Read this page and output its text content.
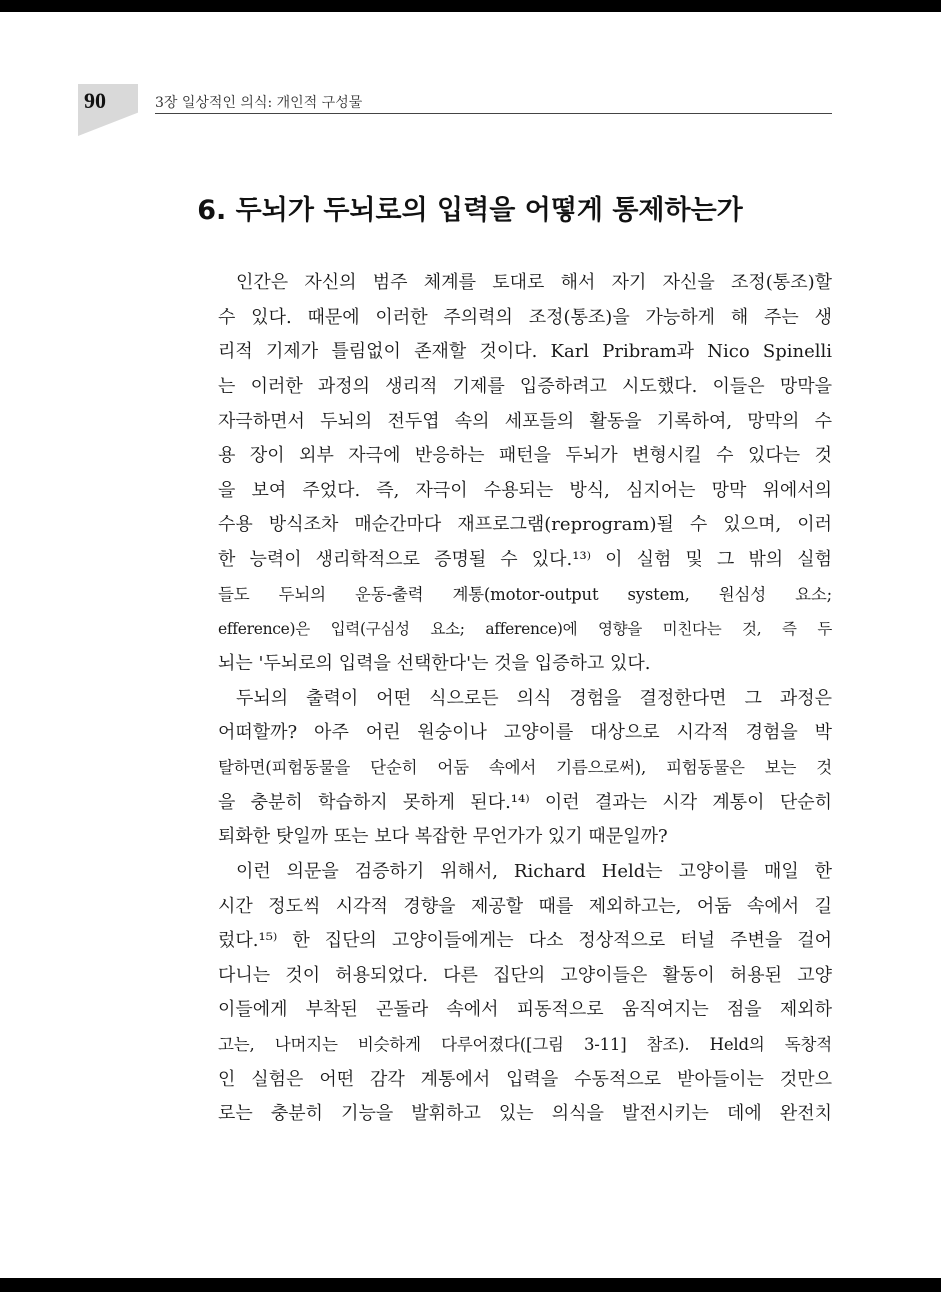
90	3장 일상적인 의식: 개인적 구성물
6. 두뇌가 두뇌로의 입력을 어떻게 통제하는가
인간은 자신의 범주 체계를 토대로 해서 자기 자신을 조정(통조)할
수 있다. 때문에 이러한 주의력의 조정(통조)을 가능하게 해 주는 생
리적 기제가 틀림없이 존재할 것이다. Karl Pribram과 Nico Spinelli
는 이러한 과정의 생리적 기제를 입증하려고 시도했다. 이들은 망막을
자극하면서 두뇌의 전두엽 속의 세포들의 활동을 기록하여, 망막의 수
용 장이 외부 자극에 반응하는 패턴을 두뇌가 변형시킬 수 있다는 것
을 보여 주었다. 즉, 자극이 수용되는 방식, 심지어는 망막 위에서의
수용 방식조차 매순간마다 재프로그램(reprogram)될 수 있으며, 이러
한 능력이 생리학적으로 증명될 수 있다.¹³⁾ 이 실험 및 그 밖의 실험
들도 두뇌의 운동-출력 계통(motor-output system, 원심성 요소;
efference)은 입력(구심성 요소; afference)에 영향을 미친다는 것, 즉 두
뇌는 '두뇌로의 입력을 선택한다'는 것을 입증하고 있다.
두뇌의 출력이 어떤 식으로든 의식 경험을 결정한다면 그 과정은
어떠할까? 아주 어린 원숭이나 고양이를 대상으로 시각적 경험을 박
탈하면(피험동물을 단순히 어둠 속에서 기름으로써), 피험동물은 보는 것
을 충분히 학습하지 못하게 된다.¹⁴⁾ 이런 결과는 시각 계통이 단순히
퇴화한 탓일까 또는 보다 복잡한 무언가가 있기 때문일까?
이런 의문을 검증하기 위해서, Richard Held는 고양이를 매일 한
시간 정도씩 시각적 경향을 제공할 때를 제외하고는, 어둠 속에서 길
렀다.¹⁵⁾ 한 집단의 고양이들에게는 다소 정상적으로 터널 주변을 걸어
다니는 것이 허용되었다. 다른 집단의 고양이들은 활동이 허용된 고양
이들에게 부착된 곤돌라 속에서 피동적으로 움직여지는 점을 제외하
고는, 나머지는 비슷하게 다루어졌다([그림 3-11] 참조). Held의 독창적
인 실험은 어떤 감각 계통에서 입력을 수동적으로 받아들이는 것만으
로는 충분히 기능을 발휘하고 있는 의식을 발전시키는 데에 완전치
